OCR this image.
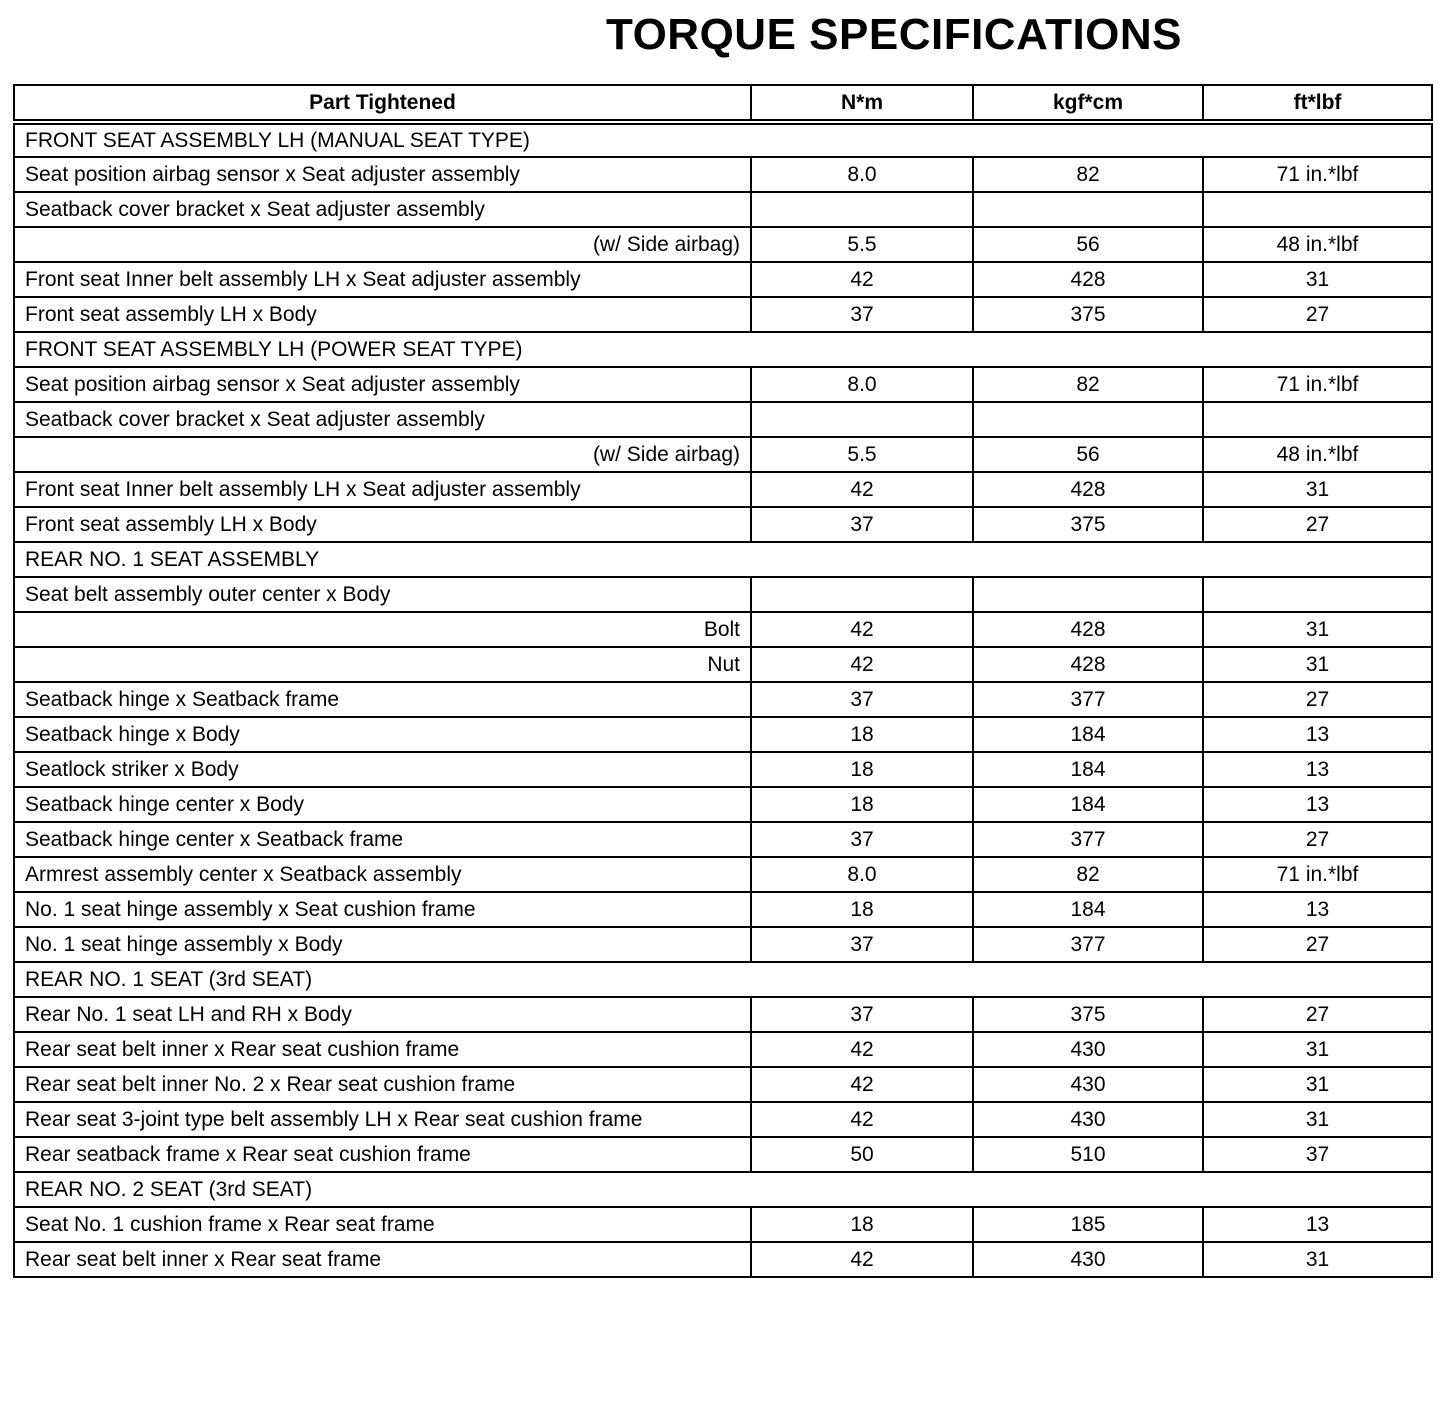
TORQUE SPECIFICATIONS
Part Tightened	N*m	kgf*cm	ft*lbf
FRONT SEAT ASSEMBLY LH (MANUAL SEAT TYPE)			
Seat position airbag sensor x Seat adjuster assembly	8.0	82	71 in.*lbf
Seatback cover bracket x Seat adjuster assembly			
(w/ Side airbag)	5.5	56	48 in.*lbf
Front seat Inner belt assembly LH x Seat adjuster assembly	42	428	31
Front seat assembly LH x Body	37	375	27
FRONT SEAT ASSEMBLY LH (POWER SEAT TYPE)			
Seat position airbag sensor x Seat adjuster assembly	8.0	82	71 in.*lbf
Seatback cover bracket x Seat adjuster assembly			
(w/ Side airbag)	5.5	56	48 in.*lbf
Front seat Inner belt assembly LH x Seat adjuster assembly	42	428	31
Front seat assembly LH x Body	37	375	27
REAR NO. 1 SEAT ASSEMBLY			
Seat belt assembly outer center x Body			
Bolt	42	428	31
Nut	42	428	31
Seatback hinge x Seatback frame	37	377	27
Seatback hinge x Body	18	184	13
Seatlock striker x Body	18	184	13
Seatback hinge center x Body	18	184	13
Seatback hinge center x Seatback frame	37	377	27
Armrest assembly center x Seatback assembly	8.0	82	71 in.*lbf
No. 1 seat hinge assembly x Seat cushion frame	18	184	13
No. 1 seat hinge assembly x Body	37	377	27
REAR NO. 1 SEAT (3rd SEAT)			
Rear No. 1 seat LH and RH x Body	37	375	27
Rear seat belt inner x Rear seat cushion frame	42	430	31
Rear seat belt inner No. 2 x Rear seat cushion frame	42	430	31
Rear seat 3-joint type belt assembly LH x Rear seat cushion frame	42	430	31
Rear seatback frame x Rear seat cushion frame	50	510	37
REAR NO. 2 SEAT (3rd SEAT)			
Seat No. 1 cushion frame x Rear seat frame	18	185	13
Rear seat belt inner x Rear seat frame	42	430	31
